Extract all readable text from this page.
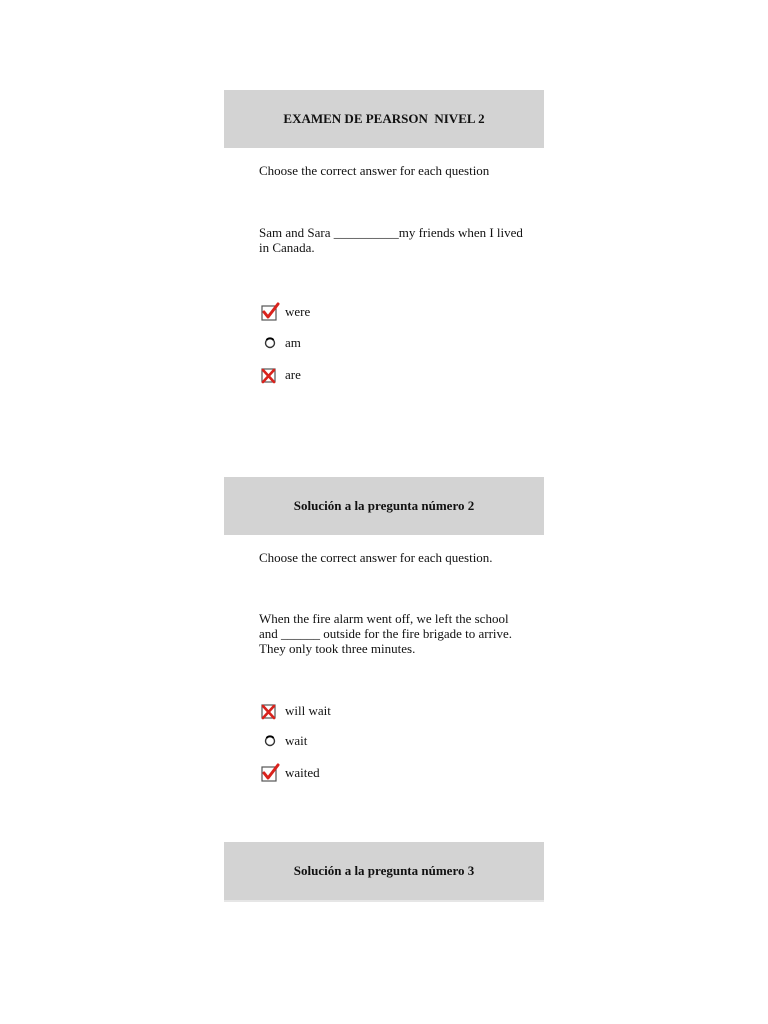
EXAMEN DE PEARSON  NIVEL 2
Choose the correct answer for each question
Sam and Sara __________my friends when I lived
in Canada.
were
am
are
Solución a la pregunta número 2
Choose the correct answer for each question.
When the fire alarm went off, we left the school
and ______ outside for the fire brigade to arrive.
They only took three minutes.
will wait
wait
waited
Solución a la pregunta número 3
